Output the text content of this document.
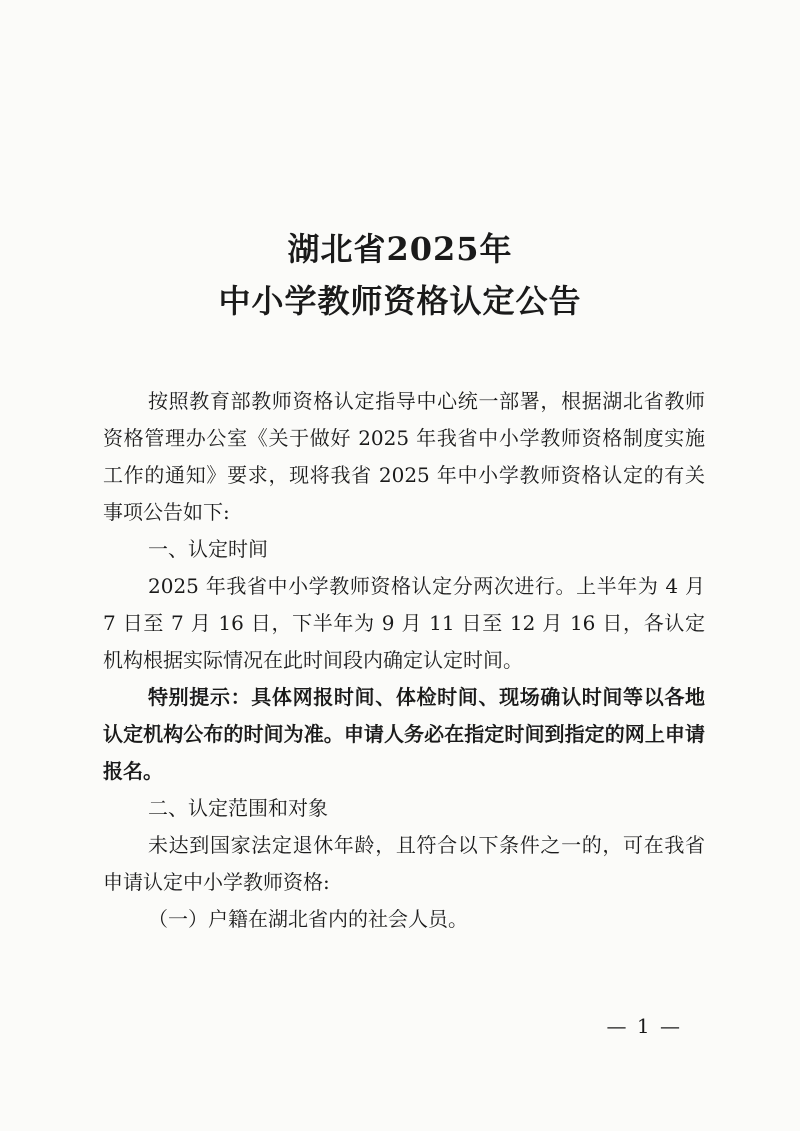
湖北省2025年
中小学教师资格认定公告

按照教育部教师资格认定指导中心统一部署，根据湖北省教师资格管理办公室《关于做好 2025 年我省中小学教师资格制度实施工作的通知》要求，现将我省 2025 年中小学教师资格认定的有关事项公告如下:

一、认定时间

2025 年我省中小学教师资格认定分两次进行。上半年为 4 月 7 日至 7 月 16 日，下半年为 9 月 11 日至 12 月 16 日，各认定机构根据实际情况在此时间段内确定认定时间。

特别提示：具体网报时间、体检时间、现场确认时间等以各地认定机构公布的时间为准。申请人务必在指定时间到指定的网上申请报名。

二、认定范围和对象

未达到国家法定退休年龄，且符合以下条件之一的，可在我省申请认定中小学教师资格:

（一）户籍在湖北省内的社会人员。

— 1 —
